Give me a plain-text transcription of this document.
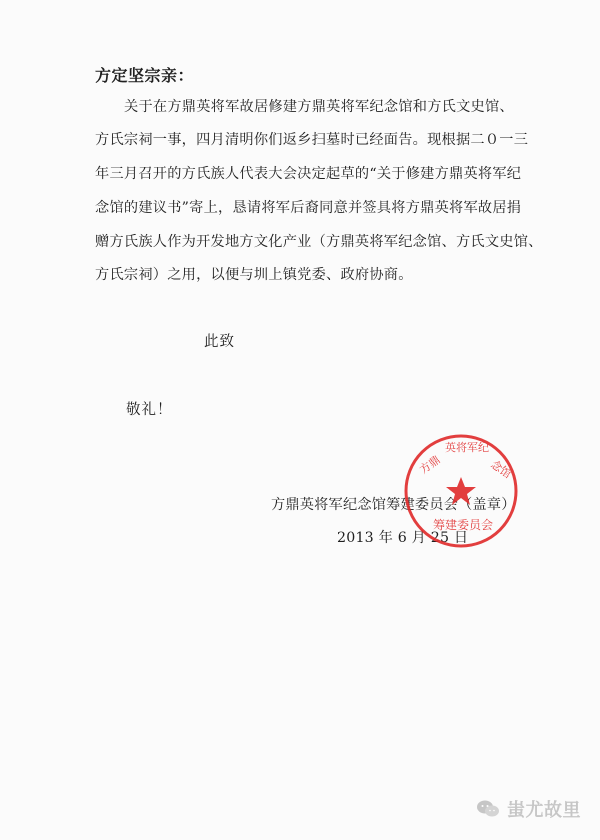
方定坚宗亲：
关于在方鼎英将军故居修建方鼎英将军纪念馆和方氏文史馆、
方氏宗祠一事，四月清明你们返乡扫墓时已经面告。现根据二０一三
年三月召开的方氏族人代表大会决定起草的“关于修建方鼎英将军纪
念馆的建议书”寄上，恳请将军后裔同意并签具将方鼎英将军故居捐
赠方氏族人作为开发地方文化产业（方鼎英将军纪念馆、方氏文史馆、
方氏宗祠）之用，以便与圳上镇党委、政府协商。
此致
敬礼！
方鼎英将军纪念馆筹建委员会（盖章）
2013 年 6 月 25 日
方鼎
英将军纪
念馆
筹建委员会
蚩尤故里
